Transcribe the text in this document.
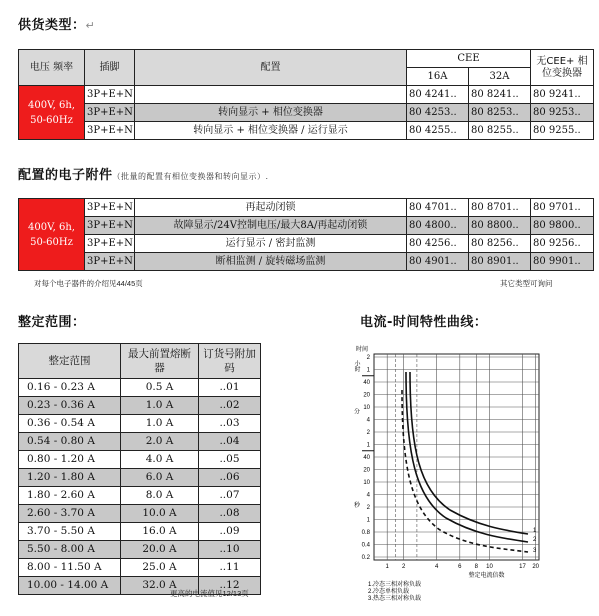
供货类型：↵
电压 频率	插脚	配置	CEE		无CEE+ 相位变换器
			16A	32A	
400V, 6h, 50-60Hz	3P+E+N		80 4241..	80 8241..	80 9241..
	3P+E+N	转向显示 + 相位变换器	80 4253..	80 8253..	80 9253..
	3P+E+N	转向显示 + 相位变换器 / 运行显示	80 4255..	80 8255..	80 9255..
配置的电子附件（批量的配置有相位变换器和转向显示）.
400V, 6h, 50-60Hz	3P+E+N	再起动闭锁	80 4701..	80 8701..	80 9701..
	3P+E+N	故障显示/24V控制电压/最大8A/再起动闭锁	80 4800..	80 8800..	80 9800..
	3P+E+N	运行显示 / 密封监测	80 4256..	80 8256..	80 9256..
	3P+E+N	断相监测 / 旋转磁场监测	80 4901..	80 8901..	80 9901..
对每个电子器件的介绍见44/45页	其它类型可询问
整定范围：
整定范围	最大前置熔断器	订货号附加码
0.16 - 0.23 A	0.5 A	..01
0.23 - 0.36 A	1.0 A	..02
0.36 - 0.54 A	1.0 A	..03
0.54 - 0.80 A	2.0 A	..04
0.80 - 1.20 A	4.0 A	..05
1.20 - 1.80 A	6.0 A	..06
1.80 - 2.60 A	8.0 A	..07
2.60 - 3.70 A	10.0 A	..08
3.70 - 5.50 A	16.0 A	..09
5.50 - 8.00 A	20.0 A	..10
8.00 - 11.50 A	25.0 A	..11
10.00 - 14.00 A	32.0 A	..12
更高的电流值见12/13页
电流-时间特性曲线：
2
1
40
20
10
4
2
1
40
20
10
4
2
1
0.8
0.4
0.2
小时
分
秒
时间
1 2	4	6 8 10	17 20
整定电流倍数
1
2
3
1.冷态三相对称负载
2.冷态单相负载
3.热态三相对称负载
